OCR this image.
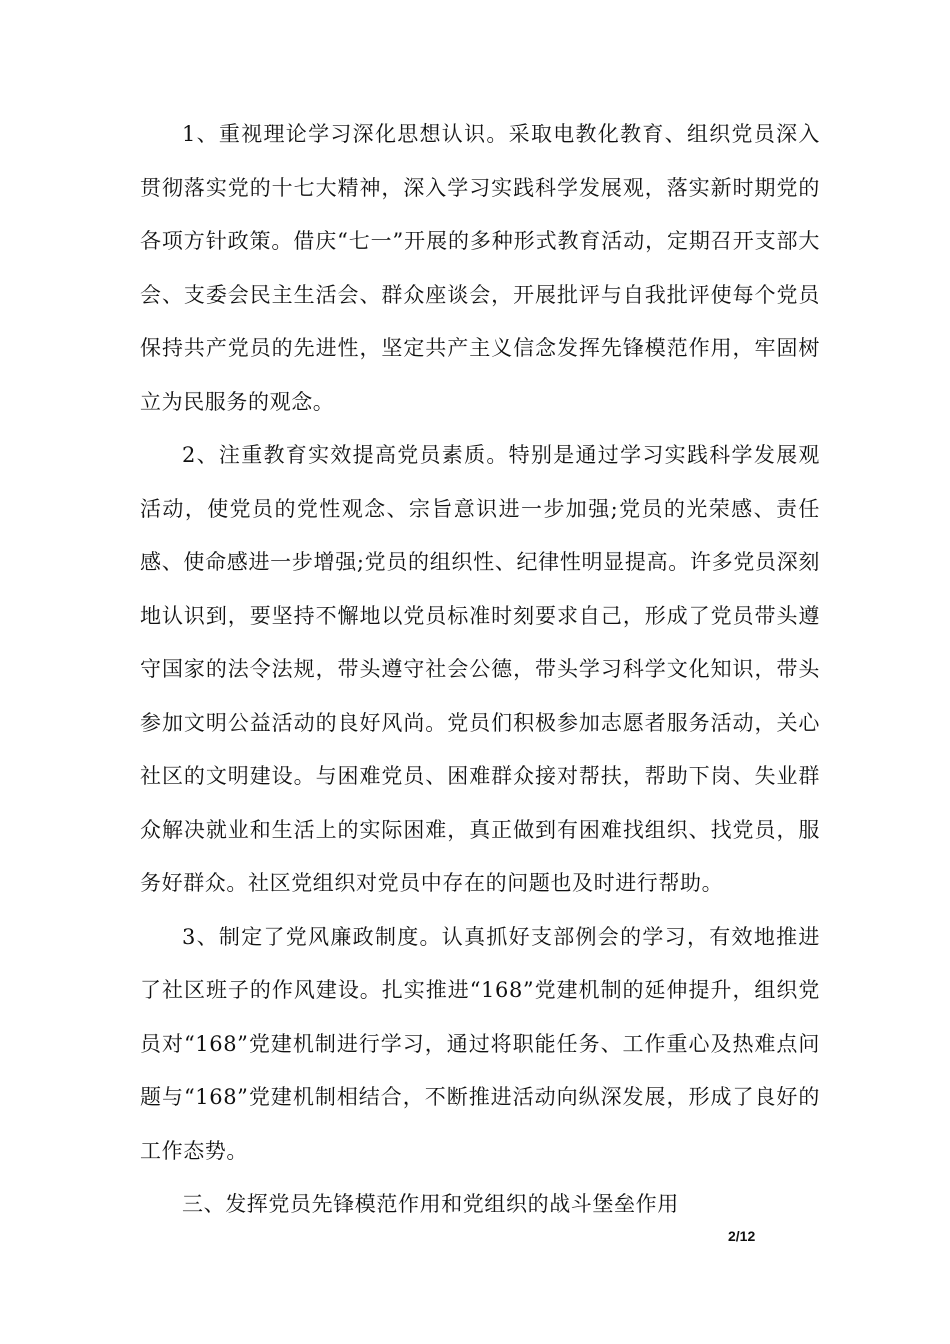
1、重视理论学习深化思想认识。采取电教化教育、组织党员深入贯彻落实党的十七大精神，深入学习实践科学发展观，落实新时期党的各项方针政策。借庆“七一”开展的多种形式教育活动，定期召开支部大会、支委会民主生活会、群众座谈会，开展批评与自我批评使每个党员保持共产党员的先进性，坚定共产主义信念发挥先锋模范作用，牢固树立为民服务的观念。

2、注重教育实效提高党员素质。特别是通过学习实践科学发展观活动，使党员的党性观念、宗旨意识进一步加强;党员的光荣感、责任感、使命感进一步增强;党员的组织性、纪律性明显提高。许多党员深刻地认识到，要坚持不懈地以党员标准时刻要求自己，形成了党员带头遵守国家的法令法规，带头遵守社会公德，带头学习科学文化知识，带头参加文明公益活动的良好风尚。党员们积极参加志愿者服务活动，关心社区的文明建设。与困难党员、困难群众接对帮扶，帮助下岗、失业群众解决就业和生活上的实际困难，真正做到有困难找组织、找党员，服务好群众。社区党组织对党员中存在的问题也及时进行帮助。

3、制定了党风廉政制度。认真抓好支部例会的学习，有效地推进了社区班子的作风建设。扎实推进“168”党建机制的延伸提升，组织党员对“168”党建机制进行学习，通过将职能任务、工作重心及热难点问题与“168”党建机制相结合，不断推进活动向纵深发展，形成了良好的工作态势。

三、发挥党员先锋模范作用和党组织的战斗堡垒作用

2/12
